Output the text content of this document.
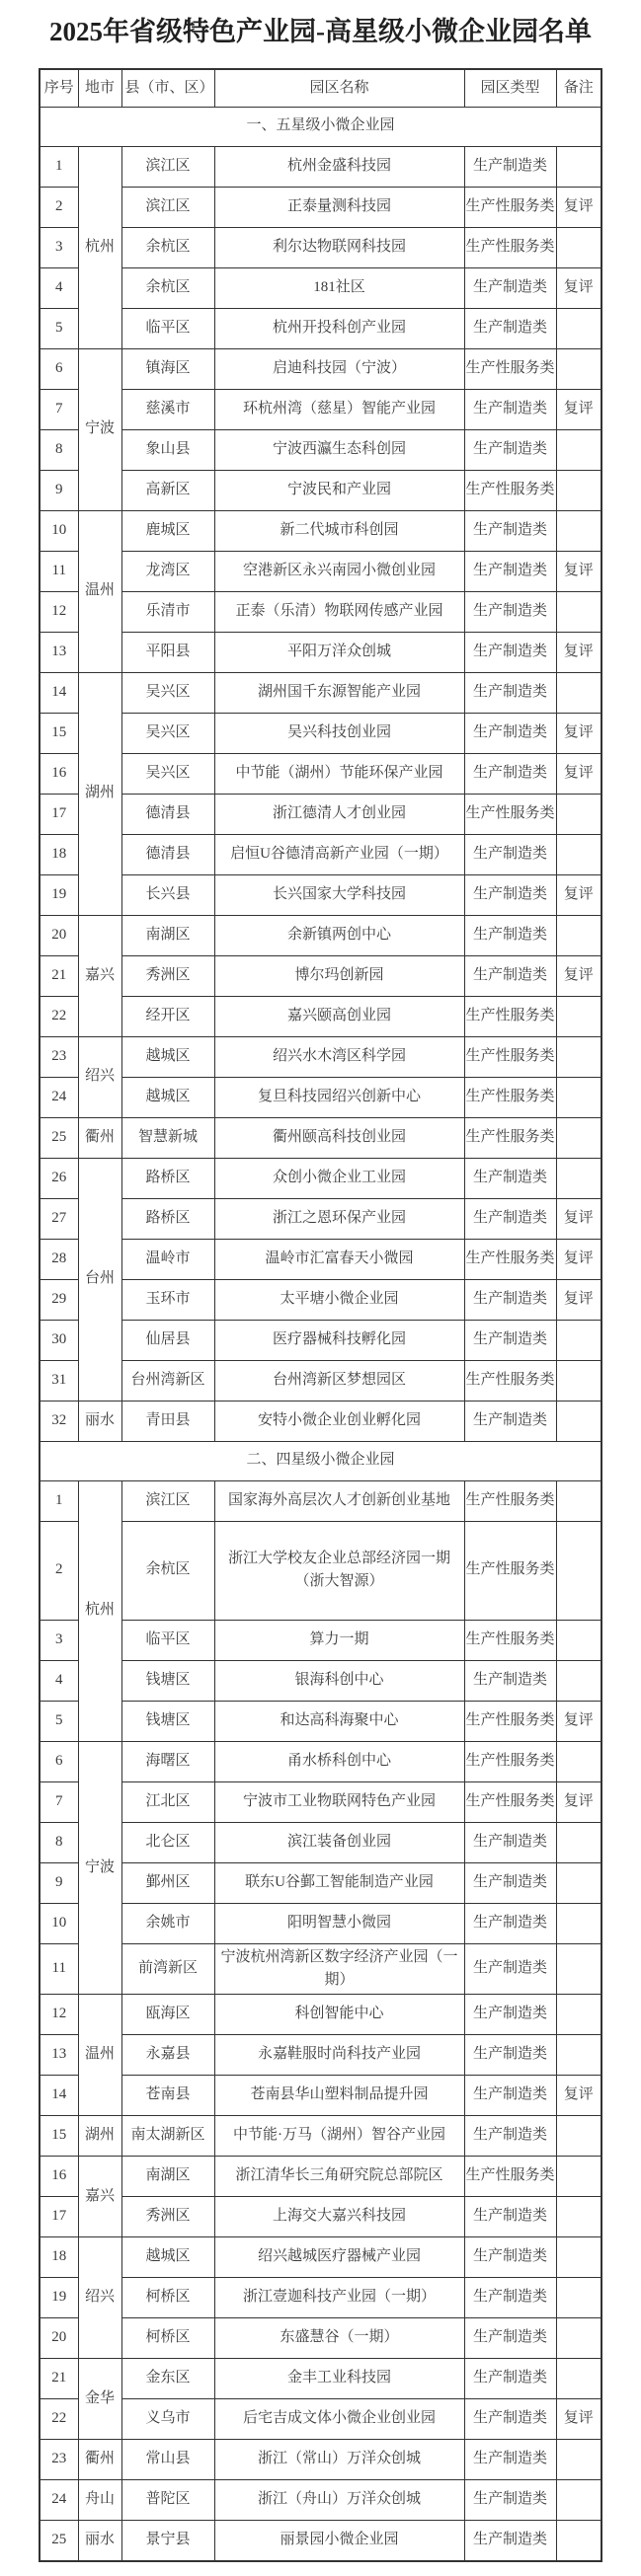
2025年省级特色产业园-高星级小微企业园名单
序号	地市	县（市、区）	园区名称	园区类型	备注
一、五星级小微企业园					
1	杭州	滨江区	杭州金盛科技园	生产制造类	
2		滨江区	正泰量测科技园	生产性服务类	复评
3		余杭区	利尔达物联网科技园	生产性服务类	
4		余杭区	181社区	生产制造类	复评
5		临平区	杭州开投科创产业园	生产制造类	
6	宁波	镇海区	启迪科技园（宁波）	生产性服务类	
7		慈溪市	环杭州湾（慈星）智能产业园	生产制造类	复评
8		象山县	宁波西瀛生态科创园	生产制造类	
9		高新区	宁波民和产业园	生产性服务类	
10	温州	鹿城区	新二代城市科创园	生产制造类	
11		龙湾区	空港新区永兴南园小微创业园	生产制造类	复评
12		乐清市	正泰（乐清）物联网传感产业园	生产制造类	
13		平阳县	平阳万洋众创城	生产制造类	复评
14	湖州	吴兴区	湖州国千东源智能产业园	生产制造类	
15		吴兴区	吴兴科技创业园	生产制造类	复评
16		吴兴区	中节能（湖州）节能环保产业园	生产制造类	复评
17		德清县	浙江德清人才创业园	生产性服务类	
18		德清县	启恒U谷德清高新产业园（一期）	生产制造类	
19		长兴县	长兴国家大学科技园	生产制造类	复评
20	嘉兴	南湖区	余新镇两创中心	生产制造类	
21		秀洲区	博尔玛创新园	生产制造类	复评
22		经开区	嘉兴颐高创业园	生产性服务类	
23	绍兴	越城区	绍兴水木湾区科学园	生产性服务类	
24		越城区	复旦科技园绍兴创新中心	生产性服务类	
25	衢州	智慧新城	衢州颐高科技创业园	生产性服务类	
26	台州	路桥区	众创小微企业工业园	生产制造类	
27		路桥区	浙江之恩环保产业园	生产制造类	复评
28		温岭市	温岭市汇富春天小微园	生产性服务类	复评
29		玉环市	太平塘小微企业园	生产制造类	复评
30		仙居县	医疗器械科技孵化园	生产制造类	
31		台州湾新区	台州湾新区梦想园区	生产性服务类	
32	丽水	青田县	安特小微企业创业孵化园	生产制造类	
二、四星级小微企业园					
1	杭州	滨江区	国家海外高层次人才创新创业基地	生产性服务类	
2		余杭区	浙江大学校友企业总部经济园一期 （浙大智源）	生产性服务类	
3		临平区	算力一期	生产性服务类	
4		钱塘区	银海科创中心	生产制造类	
5		钱塘区	和达高科海聚中心	生产性服务类	复评
6	宁波	海曙区	甬水桥科创中心	生产性服务类	
7		江北区	宁波市工业物联网特色产业园	生产性服务类	复评
8		北仑区	滨江装备创业园	生产制造类	
9		鄞州区	联东U谷鄞工智能制造产业园	生产制造类	
10		余姚市	阳明智慧小微园	生产制造类	
11		前湾新区	宁波杭州湾新区数字经济产业园（一期）	生产制造类	
12	温州	瓯海区	科创智能中心	生产制造类	
13		永嘉县	永嘉鞋服时尚科技产业园	生产制造类	
14		苍南县	苍南县华山塑料制品提升园	生产制造类	复评
15	湖州	南太湖新区	中节能·万马（湖州）智谷产业园	生产制造类	
16	嘉兴	南湖区	浙江清华长三角研究院总部院区	生产性服务类	
17		秀洲区	上海交大嘉兴科技园	生产制造类	
18	绍兴	越城区	绍兴越城医疗器械产业园	生产制造类	
19		柯桥区	浙江壹迦科技产业园（一期）	生产制造类	
20		柯桥区	东盛慧谷（一期）	生产制造类	
21	金华	金东区	金丰工业科技园	生产制造类	
22		义乌市	后宅吉成文体小微企业创业园	生产制造类	复评
23	衢州	常山县	浙江（常山）万洋众创城	生产制造类	
24	舟山	普陀区	浙江（舟山）万洋众创城	生产制造类	
25	丽水	景宁县	丽景园小微企业园	生产制造类	
